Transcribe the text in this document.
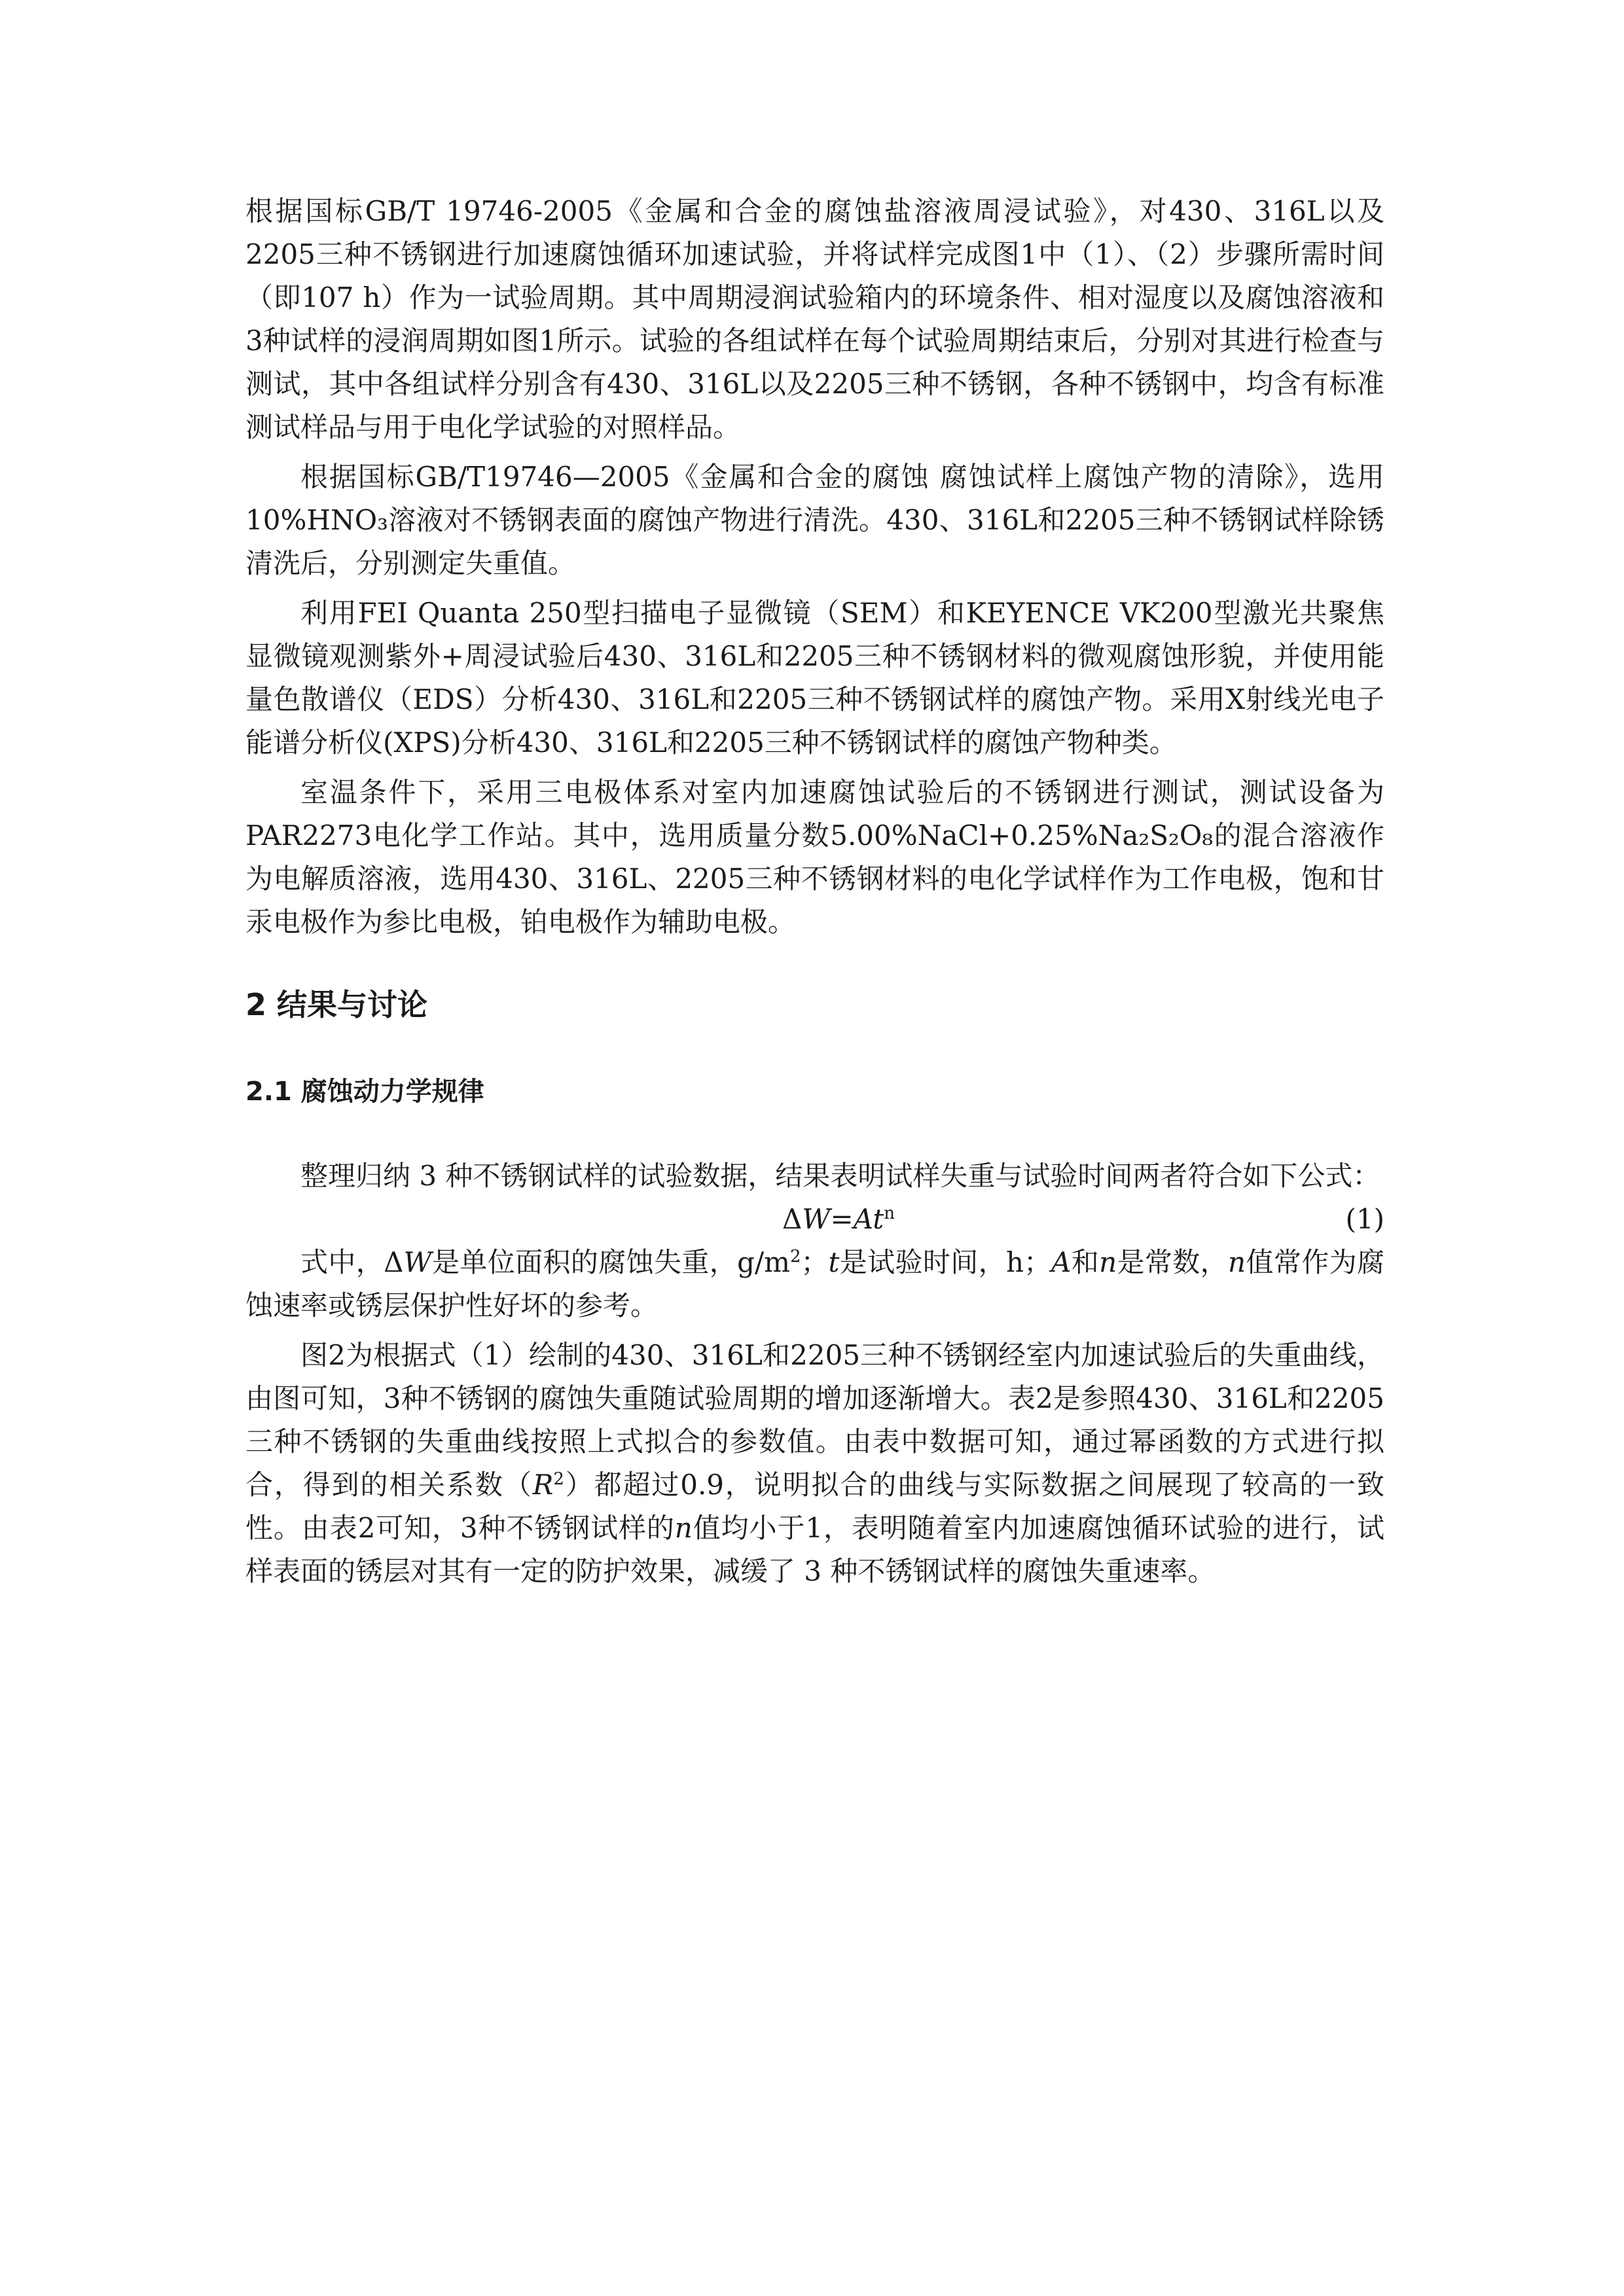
根据国标GB/T 19746-2005《金属和合金的腐蚀盐溶液周浸试验》，对430、316L以及2205三种不锈钢进行加速腐蚀循环加速试验，并将试样完成图1中（1）、（2）步骤所需时间（即107 h）作为一试验周期。其中周期浸润试验箱内的环境条件、相对湿度以及腐蚀溶液和3种试样的浸润周期如图1所示。试验的各组试样在每个试验周期结束后，分别对其进行检查与测试，其中各组试样分别含有430、316L以及2205三种不锈钢，各种不锈钢中，均含有标准测试样品与用于电化学试验的对照样品。

根据国标GB/T19746—2005《金属和合金的腐蚀 腐蚀试样上腐蚀产物的清除》，选用10%HNO₃溶液对不锈钢表面的腐蚀产物进行清洗。430、316L和2205三种不锈钢试样除锈清洗后，分别测定失重值。

利用FEI Quanta 250型扫描电子显微镜（SEM）和KEYENCE VK200型激光共聚焦显微镜观测紫外+周浸试验后430、316L和2205三种不锈钢材料的微观腐蚀形貌，并使用能量色散谱仪（EDS）分析430、316L和2205三种不锈钢试样的腐蚀产物。采用X射线光电子能谱分析仪(XPS)分析430、316L和2205三种不锈钢试样的腐蚀产物种类。

室温条件下，采用三电极体系对室内加速腐蚀试验后的不锈钢进行测试，测试设备为PAR2273电化学工作站。其中，选用质量分数5.00%NaCl+0.25%Na₂S₂O₈的混合溶液作为电解质溶液，选用430、316L、2205三种不锈钢材料的电化学试样作为工作电极，饱和甘汞电极作为参比电极，铂电极作为辅助电极。

2 结果与讨论
2.1 腐蚀动力学规律

整理归纳 3 种不锈钢试样的试验数据，结果表明试样失重与试验时间两者符合如下公式：

$\Delta W=At^n$	(1)

式中，ΔW是单位面积的腐蚀失重，$g/m^2$；t是试验时间，h；A和n是常数，n值常作为腐蚀速率或锈层保护性好坏的参考。

图2为根据式（1）绘制的430、316L和2205三种不锈钢经室内加速试验后的失重曲线，由图可知，3种不锈钢的腐蚀失重随试验周期的增加逐渐增大。表2是参照430、316L和2205三种不锈钢的失重曲线按照上式拟合的参数值。由表中数据可知，通过幂函数的方式进行拟合，得到的相关系数$(R^2)$都超过0.9，说明拟合的曲线与实际数据之间展现了较高的一致性。由表2可知，3种不锈钢试样的n值均小于1，表明随着室内加速腐蚀循环试验的进行，试样表面的锈层对其有一定的防护效果，减缓了 3 种不锈钢试样的腐蚀失重速率。
